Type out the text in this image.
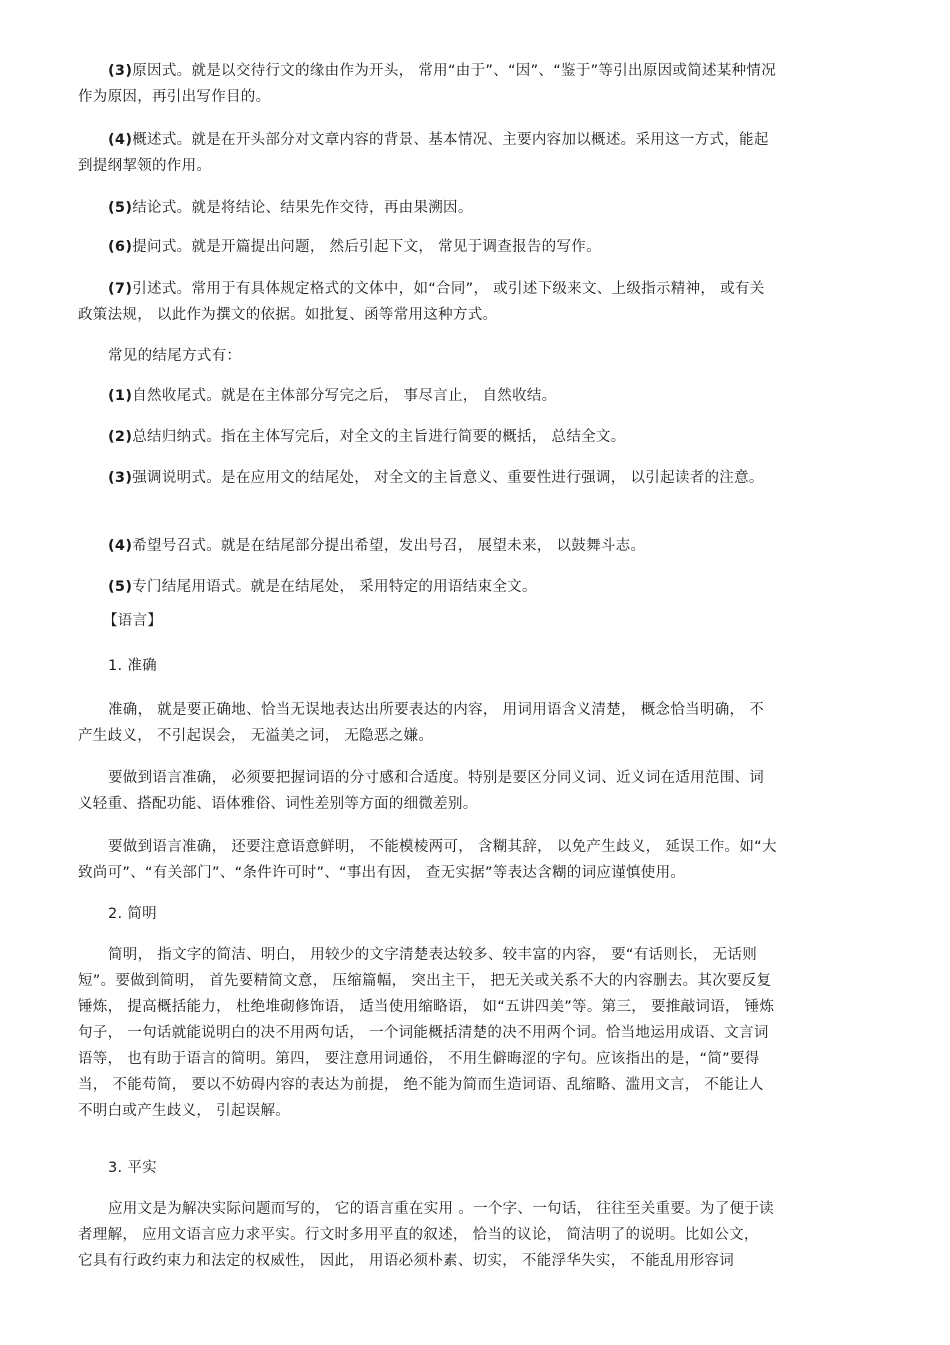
(3)原因式。就是以交待行文的缘由作为开头， 常用“由于”、“因”、“鉴于”等引出原因或简述某种情况作为原因，再引出写作目的。

(4)概述式。就是在开头部分对文章内容的背景、基本情况、主要内容加以概述。采用这一方式，能起到提纲挈领的作用。

(5)结论式。就是将结论、结果先作交待，再由果溯因。

(6)提问式。就是开篇提出问题， 然后引起下文， 常见于调查报告的写作。

(7)引述式。常用于有具体规定格式的文体中，如“合同”， 或引述下级来文、上级指示精神， 或有关政策法规， 以此作为撰文的依据。如批复、函等常用这种方式。

常见的结尾方式有：

(1)自然收尾式。就是在主体部分写完之后， 事尽言止， 自然收结。

(2)总结归纳式。指在主体写完后，对全文的主旨进行简要的概括， 总结全文。

(3)强调说明式。是在应用文的结尾处， 对全文的主旨意义、重要性进行强调， 以引起读者的注意。

(4)希望号召式。就是在结尾部分提出希望，发出号召， 展望未来， 以鼓舞斗志。

(5)专门结尾用语式。就是在结尾处， 采用特定的用语结束全文。

【语言】

1. 准确

准确， 就是要正确地、恰当无误地表达出所要表达的内容， 用词用语含义清楚， 概念恰当明确， 不产生歧义， 不引起误会， 无溢美之词， 无隐恶之嫌。

要做到语言准确， 必须要把握词语的分寸感和合适度。特别是要区分同义词、近义词在适用范围、词义轻重、搭配功能、语体雅俗、词性差别等方面的细微差别。

要做到语言准确， 还要注意语意鲜明， 不能模棱两可， 含糊其辞， 以免产生歧义， 延误工作。如“大致尚可”、“有关部门”、“条件许可时”、“事出有因， 查无实据”等表达含糊的词应谨慎使用。

2. 简明

简明， 指文字的简洁、明白， 用较少的文字清楚表达较多、较丰富的内容， 要“有话则长， 无话则短”。要做到简明， 首先要精简文意， 压缩篇幅， 突出主干， 把无关或关系不大的内容删去。其次要反复锤炼， 提高概括能力， 杜绝堆砌修饰语， 适当使用缩略语， 如“五讲四美”等。第三， 要推敲词语， 锤炼句子， 一句话就能说明白的决不用两句话， 一个词能概括清楚的决不用两个词。恰当地运用成语、文言词语等， 也有助于语言的简明。第四， 要注意用词通俗， 不用生僻晦涩的字句。应该指出的是，“简”要得当， 不能苟简， 要以不妨碍内容的表达为前提， 绝不能为简而生造词语、乱缩略、滥用文言， 不能让人不明白或产生歧义， 引起误解。

3. 平实

应用文是为解决实际问题而写的， 它的语言重在实用 。一个字、一句话， 往往至关重要。为了便于读者理解， 应用文语言应力求平实。行文时多用平直的叙述， 恰当的议论， 简洁明了的说明。比如公文， 它具有行政约束力和法定的权威性， 因此， 用语必须朴素、切实， 不能浮华失实， 不能乱用形容词
